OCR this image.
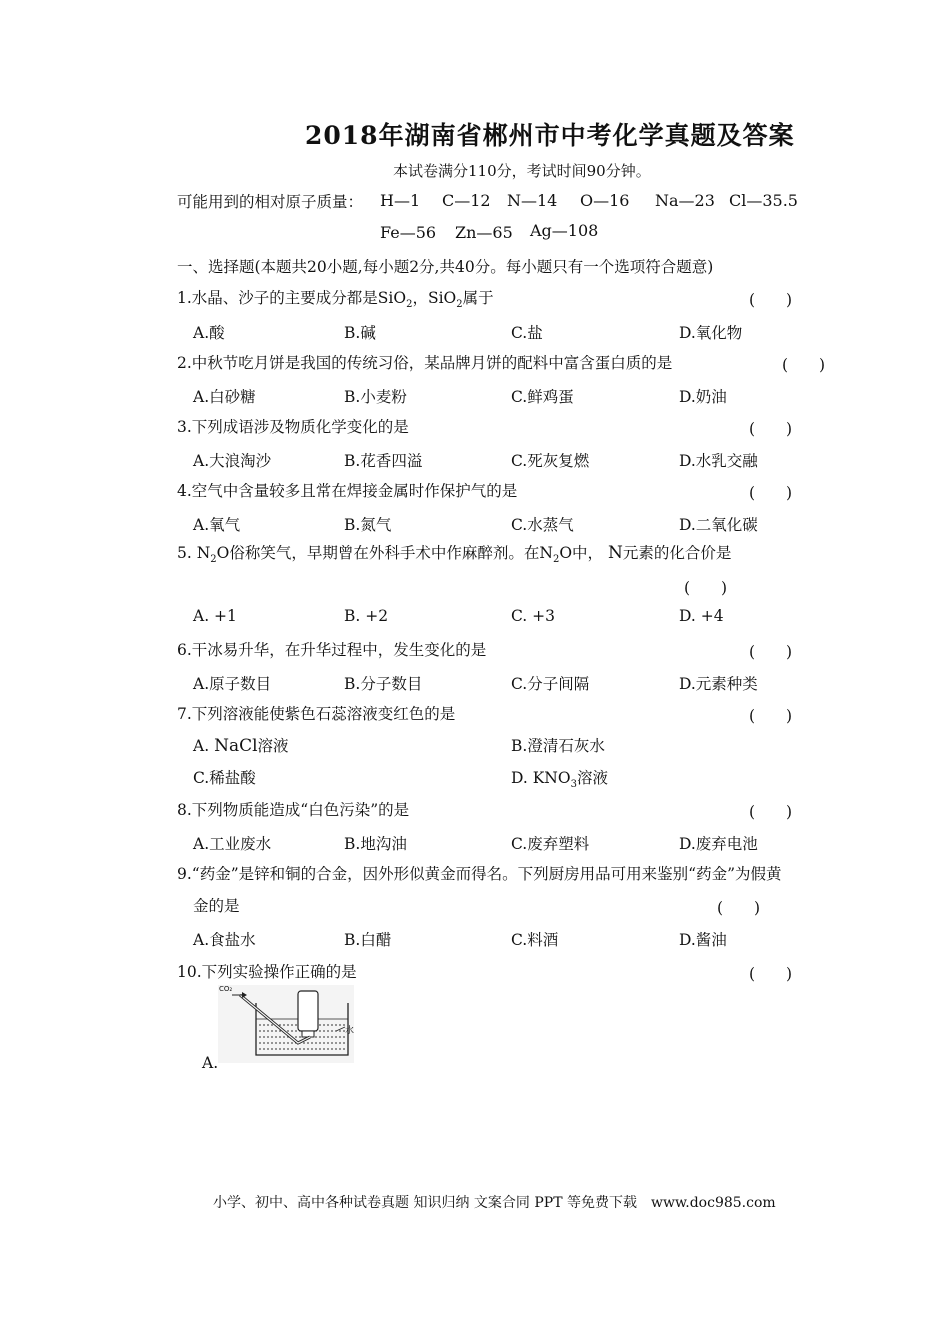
2018年湖南省郴州市中考化学真题及答案
本试卷满分110分，考试时间90分钟。
可能用到的相对原子质量： H—1 C—12 N—14 O—16 Na—23 Cl—35.5
Fe—56 Zn—65 Ag—108
一、选择题(本题共20小题,每小题2分,共40分。每小题只有一个选项符合题意)
1.水晶、沙子的主要成分都是SiO$_2$，SiO$_2$属于	(　　)
A.酸	B.碱	C.盐	D.氧化物
2.中秋节吃月饼是我国的传统习俗，某品牌月饼的配料中富含蛋白质的是	(　　)
A.白砂糖	B.小麦粉	C.鲜鸡蛋	D.奶油
3.下列成语涉及物质化学变化的是	(　　)
A.大浪淘沙	B.花香四溢	C.死灰复燃	D.水乳交融
4.空气中含量较多且常在焊接金属时作保护气的是	(　　)
A.氧气	B.氮气	C.水蒸气	D.二氧化碳
5. $N_2O$俗称笑气，早期曾在外科手术中作麻醉剂。在$N_2O$中， N元素的化合价是
(　　)
A. +1	B. +2	C. +3	D. +4
6.干冰易升华，在升华过程中，发生变化的是	(　　)
A.原子数目	B.分子数目	C.分子间隔	D.元素种类
7.下列溶液能使紫色石蕊溶液变红色的是	(　　)
A. NaCl溶液	B.澄清石灰水
C.稀盐酸	D. $KNO_3$溶液
8.下列物质能造成“白色污染”的是	(　　)
A.工业废水	B.地沟油	C.废弃塑料	D.废弃电池
9.“药金”是锌和铜的合金，因外形似黄金而得名。下列厨房用品可用来鉴别“药金”为假黄
金的是	(　　)
A.食盐水	B.白醋	C.料酒	D.酱油
10.下列实验操作正确的是	(　　)
CO₂
水
A.
小学、初中、高中各种试卷真题 知识归纳 文案合同 PPT 等免费下载　www.doc985.com
